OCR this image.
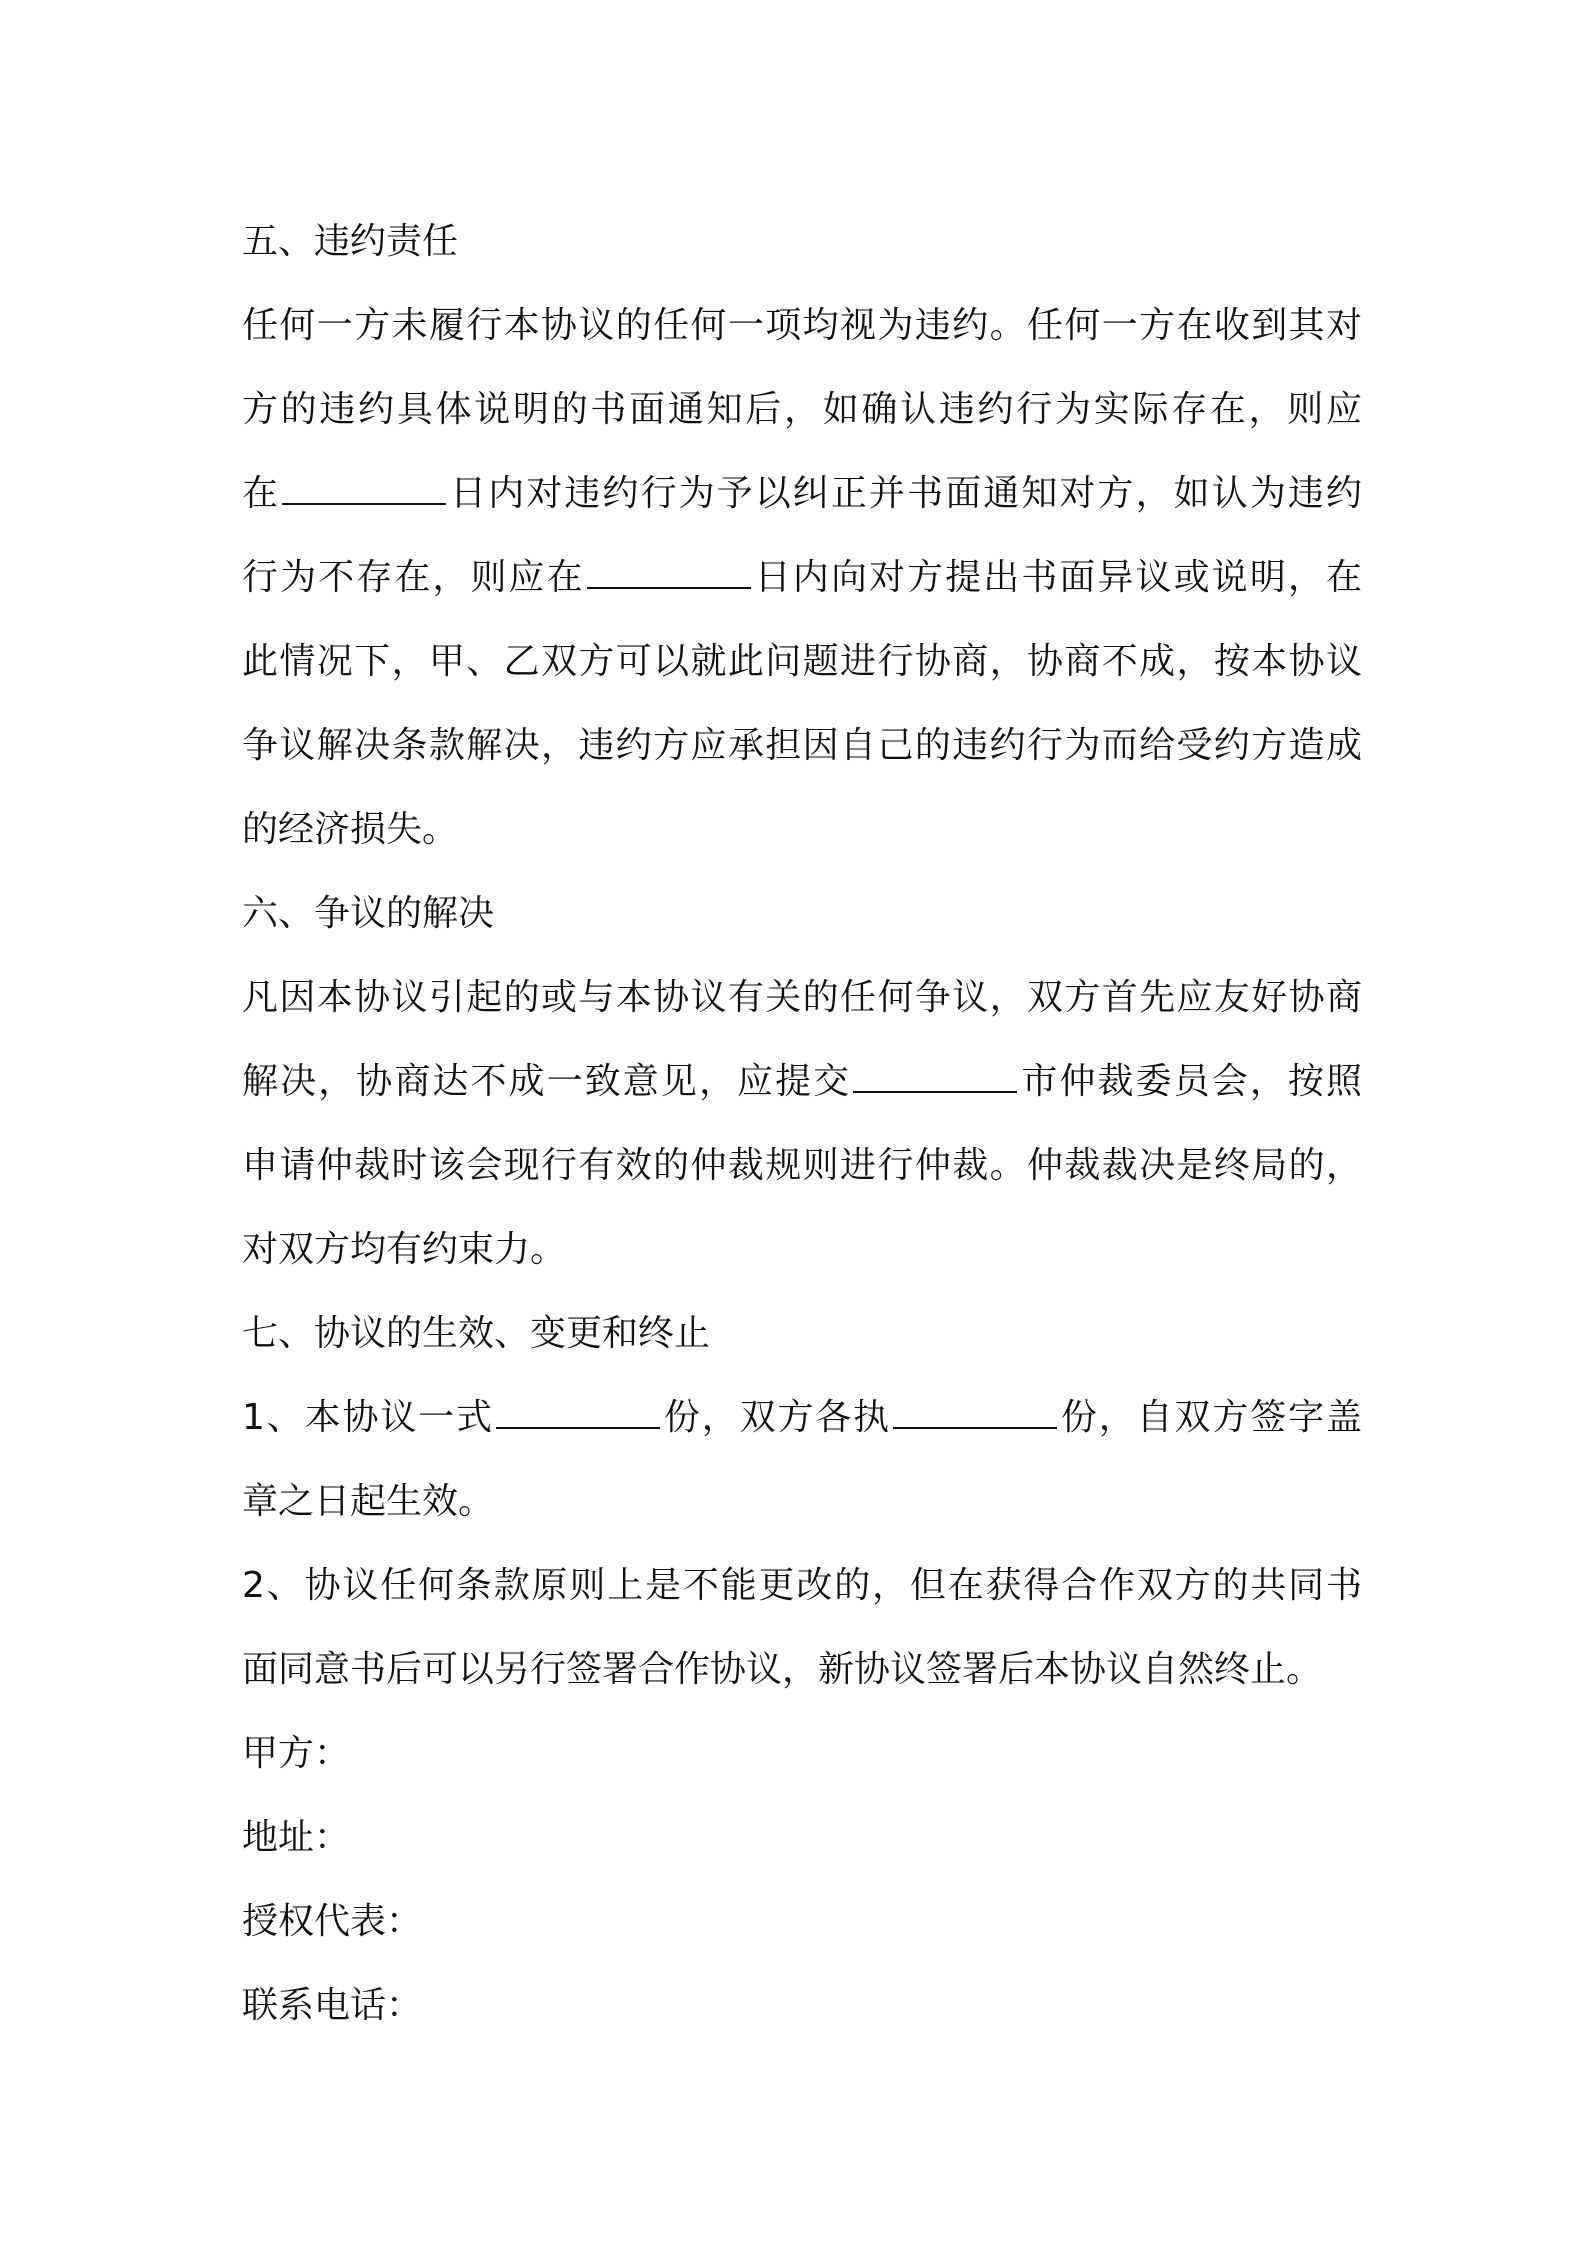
五、违约责任
任何一方未履行本协议的任何一项均视为违约。任何一方在收到其对
方的违约具体说明的书面通知后，如确认违约行为实际存在，则应
在	日内对违约行为予以纠正并书面通知对方，如认为违约
行为不存在，则应在	日内向对方提出书面异议或说明，在
此情况下，甲、乙双方可以就此问题进行协商，协商不成，按本协议
争议解决条款解决，违约方应承担因自己的违约行为而给受约方造成
的经济损失。
六、争议的解决
凡因本协议引起的或与本协议有关的任何争议，双方首先应友好协商
解决，协商达不成一致意见，应提交	市仲裁委员会，按照
申请仲裁时该会现行有效的仲裁规则进行仲裁。仲裁裁决是终局的，
对双方均有约束力。
七、协议的生效、变更和终止
1、本协议一式	份，双方各执	份，自双方签字盖
章之日起生效。
2、协议任何条款原则上是不能更改的，但在获得合作双方的共同书
面同意书后可以另行签署合作协议，新协议签署后本协议自然终止。
甲方：
地址：
授权代表：
联系电话：
